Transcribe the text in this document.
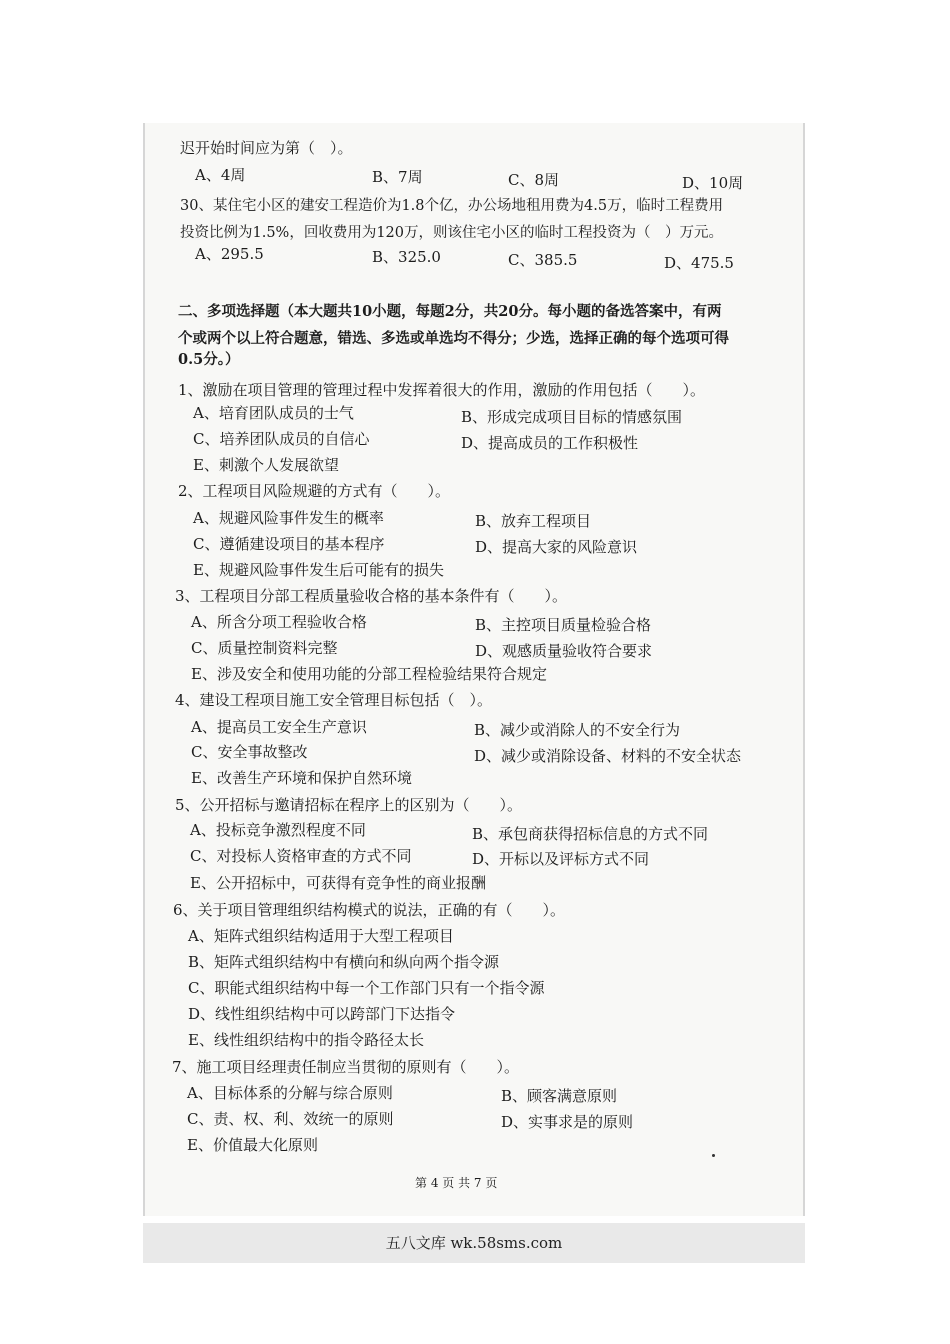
迟开始时间应为第（　）。
A、4周	B、7周	C、8周	D、10周
30、某住宅小区的建安工程造价为1.8个亿，办公场地租用费为4.5万，临时工程费用
投资比例为1.5%，回收费用为120万，则该住宅小区的临时工程投资为（　）万元。
A、295.5	B、325.0	C、385.5	D、475.5
二、多项选择题（本大题共10小题，每题2分，共20分。每小题的备选答案中，有两
个或两个以上符合题意，错选、多选或单选均不得分；少选，选择正确的每个选项可得
0.5分。）
1、激励在项目管理的管理过程中发挥着很大的作用，激励的作用包括（　　）。
A、培育团队成员的士气	B、形成完成项目目标的情感氛围
C、培养团队成员的自信心	D、提高成员的工作积极性
E、刺激个人发展欲望
2、工程项目风险规避的方式有（　　）。
A、规避风险事件发生的概率	B、放弃工程项目
C、遵循建设项目的基本程序	D、提高大家的风险意识
E、规避风险事件发生后可能有的损失
3、工程项目分部工程质量验收合格的基本条件有（　　）。
A、所含分项工程验收合格	B、主控项目质量检验合格
C、质量控制资料完整	D、观感质量验收符合要求
E、涉及安全和使用功能的分部工程检验结果符合规定
4、建设工程项目施工安全管理目标包括（　）。
A、提高员工安全生产意识	B、减少或消除人的不安全行为
C、安全事故整改	D、减少或消除设备、材料的不安全状态
E、改善生产环境和保护自然环境
5、公开招标与邀请招标在程序上的区别为（　　）。
A、投标竞争激烈程度不同	B、承包商获得招标信息的方式不同
C、对投标人资格审查的方式不同	D、开标以及评标方式不同
E、公开招标中，可获得有竞争性的商业报酬
6、关于项目管理组织结构模式的说法，正确的有（　　）。
A、矩阵式组织结构适用于大型工程项目
B、矩阵式组织结构中有横向和纵向两个指令源
C、职能式组织结构中每一个工作部门只有一个指令源
D、线性组织结构中可以跨部门下达指令
E、线性组织结构中的指令路径太长
7、施工项目经理责任制应当贯彻的原则有（　　）。
A、目标体系的分解与综合原则	B、顾客满意原则
C、责、权、利、效统一的原则	D、实事求是的原则
E、价值最大化原则
第 4 页 共 7 页
五八文库 wk.58sms.com
